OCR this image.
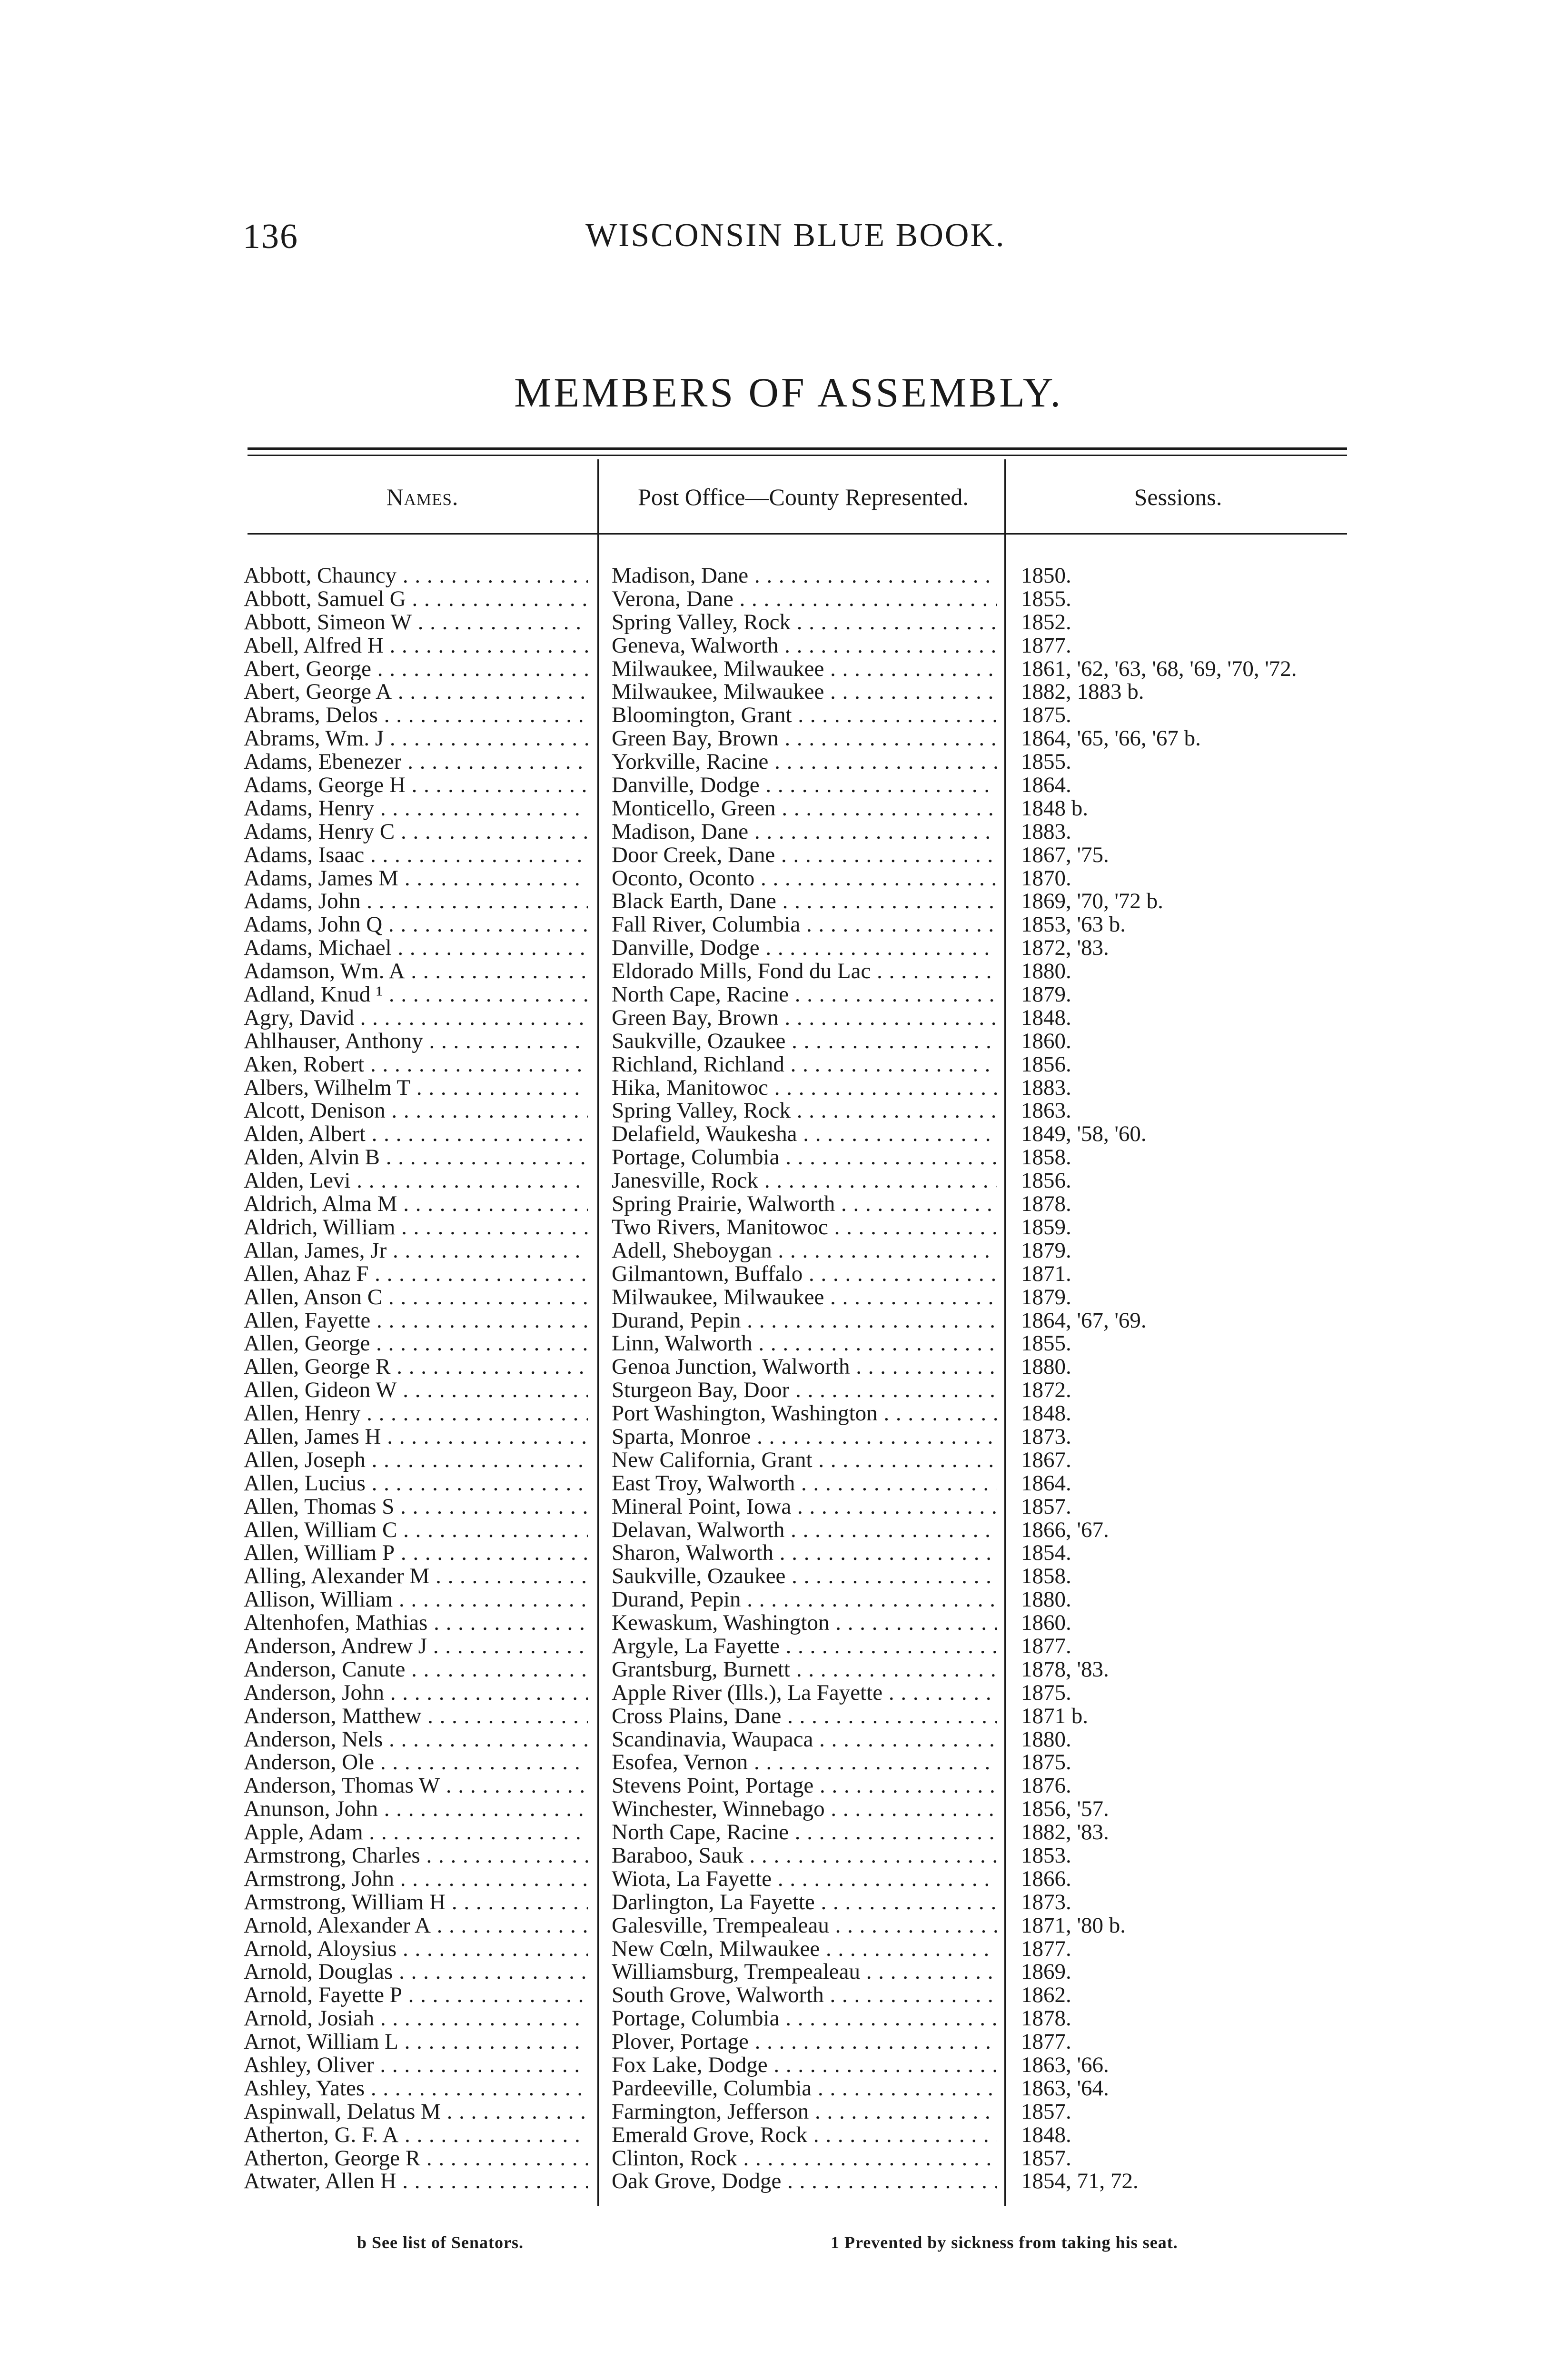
136	WISCONSIN BLUE BOOK.
MEMBERS OF ASSEMBLY.
Names.	Post Office—County Represented.	Sessions.
Abbott, Chauncy . . .	Madison, Dane . . .	1850.
Abbott, Samuel G . . .	Verona, Dane . . .	1855.
Abbott, Simeon W . . .	Spring Valley, Rock . . .	1852.
Abell, Alfred H . . .	Geneva, Walworth . . .	1877.
Abert, George . . .	Milwaukee, Milwaukee . . .	1861, '62, '63, '68, '69, '70, '72.
Abert, George A . . .	Milwaukee, Milwaukee . . .	1882, 1883 b.
Abrams, Delos . . .	Bloomington, Grant . . .	1875.
Abrams, Wm. J . . .	Green Bay, Brown . . .	1864, '65, '66, '67 b.
Adams, Ebenezer . . .	Yorkville, Racine . . .	1855.
Adams, George H . . .	Danville, Dodge . . .	1864.
Adams, Henry . . .	Monticello, Green . . .	1848 b.
Adams, Henry C . . .	Madison, Dane . . .	1883.
Adams, Isaac . . .	Door Creek, Dane . . .	1867, '75.
Adams, James M . . .	Oconto, Oconto . . .	1870.
Adams, John . . .	Black Earth, Dane . . .	1869, '70, '72 b.
Adams, John Q . . .	Fall River, Columbia . . .	1853, '63 b.
Adams, Michael . . .	Danville, Dodge . . .	1872, '83.
Adamson, Wm. A . . .	Eldorado Mills, Fond du Lac . . .	1880.
Adland, Knud ¹ . . .	North Cape, Racine . . .	1879.
Agry, David . . .	Green Bay, Brown . . .	1848.
Ahlhauser, Anthony . . .	Saukville, Ozaukee . . .	1860.
Aken, Robert . . .	Richland, Richland . . .	1856.
Albers, Wilhelm T . . .	Hika, Manitowoc . . .	1883.
Alcott, Denison . . .	Spring Valley, Rock . . .	1863.
Alden, Albert . . .	Delafield, Waukesha . . .	1849, '58, '60.
Alden, Alvin B . . .	Portage, Columbia . . .	1858.
Alden, Levi . . .	Janesville, Rock . . .	1856.
Aldrich, Alma M . . .	Spring Prairie, Walworth . . .	1878.
Aldrich, William . . .	Two Rivers, Manitowoc . . .	1859.
Allan, James, Jr . . .	Adell, Sheboygan . . .	1879.
Allen, Ahaz F . . .	Gilmantown, Buffalo . . .	1871.
Allen, Anson C . . .	Milwaukee, Milwaukee . . .	1879.
Allen, Fayette . . .	Durand, Pepin . . .	1864, '67, '69.
Allen, George . . .	Linn, Walworth . . .	1855.
Allen, George R . . .	Genoa Junction, Walworth . . .	1880.
Allen, Gideon W . . .	Sturgeon Bay, Door . . .	1872.
Allen, Henry . . .	Port Washington, Washington . . .	1848.
Allen, James H . . .	Sparta, Monroe . . .	1873.
Allen, Joseph . . .	New California, Grant . . .	1867.
Allen, Lucius . . .	East Troy, Walworth . . .	1864.
Allen, Thomas S . . .	Mineral Point, Iowa . . .	1857.
Allen, William C . . .	Delavan, Walworth . . .	1866, '67.
Allen, William P . . .	Sharon, Walworth . . .	1854.
Alling, Alexander M . . .	Saukville, Ozaukee . . .	1858.
Allison, William . . .	Durand, Pepin . . .	1880.
Altenhofen, Mathias . . .	Kewaskum, Washington . . .	1860.
Anderson, Andrew J . . .	Argyle, La Fayette . . .	1877.
Anderson, Canute . . .	Grantsburg, Burnett . . .	1878, '83.
Anderson, John . . .	Apple River (Ills.), La Fayette . . .	1875.
Anderson, Matthew . . .	Cross Plains, Dane . . .	1871 b.
Anderson, Nels . . .	Scandinavia, Waupaca . . .	1880.
Anderson, Ole . . .	Esofea, Vernon . . .	1875.
Anderson, Thomas W . . .	Stevens Point, Portage . . .	1876.
Anunson, John . . .	Winchester, Winnebago . . .	1856, '57.
Apple, Adam . . .	North Cape, Racine . . .	1882, '83.
Armstrong, Charles . . .	Baraboo, Sauk . . .	1853.
Armstrong, John . . .	Wiota, La Fayette . . .	1866.
Armstrong, William H . . .	Darlington, La Fayette . . .	1873.
Arnold, Alexander A . . .	Galesville, Trempealeau . . .	1871, '80 b.
Arnold, Aloysius . . .	New Cœln, Milwaukee . . .	1877.
Arnold, Douglas . . .	Williamsburg, Trempealeau . . .	1869.
Arnold, Fayette P . . .	South Grove, Walworth . . .	1862.
Arnold, Josiah . . .	Portage, Columbia . . .	1878.
Arnot, William L . . .	Plover, Portage . . .	1877.
Ashley, Oliver . . .	Fox Lake, Dodge . . .	1863, '66.
Ashley, Yates . . .	Pardeeville, Columbia . . .	1863, '64.
Aspinwall, Delatus M . . .	Farmington, Jefferson . . .	1857.
Atherton, G. F. A . . .	Emerald Grove, Rock . . .	1848.
Atherton, George R . . .	Clinton, Rock . . .	1857.
Atwater, Allen H . . .	Oak Grove, Dodge . . .	1854, 71, 72.
b See list of Senators.	1 Prevented by sickness from taking his seat.
